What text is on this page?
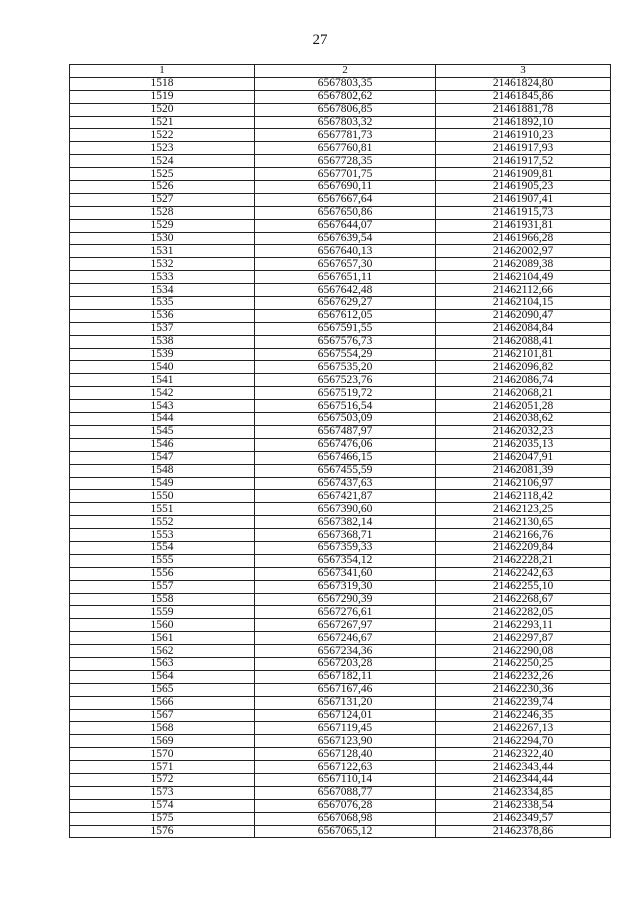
27
1	2	3
1518	6567803,35	21461824,80
1519	6567802,62	21461845,86
1520	6567806,85	21461881,78
1521	6567803,32	21461892,10
1522	6567781,73	21461910,23
1523	6567760,81	21461917,93
1524	6567728,35	21461917,52
1525	6567701,75	21461909,81
1526	6567690,11	21461905,23
1527	6567667,64	21461907,41
1528	6567650,86	21461915,73
1529	6567644,07	21461931,81
1530	6567639,54	21461966,28
1531	6567640,13	21462002,97
1532	6567657,30	21462089,38
1533	6567651,11	21462104,49
1534	6567642,48	21462112,66
1535	6567629,27	21462104,15
1536	6567612,05	21462090,47
1537	6567591,55	21462084,84
1538	6567576,73	21462088,41
1539	6567554,29	21462101,81
1540	6567535,20	21462096,82
1541	6567523,76	21462086,74
1542	6567519,72	21462068,21
1543	6567516,54	21462051,28
1544	6567503,09	21462038,62
1545	6567487,97	21462032,23
1546	6567476,06	21462035,13
1547	6567466,15	21462047,91
1548	6567455,59	21462081,39
1549	6567437,63	21462106,97
1550	6567421,87	21462118,42
1551	6567390,60	21462123,25
1552	6567382,14	21462130,65
1553	6567368,71	21462166,76
1554	6567359,33	21462209,84
1555	6567354,12	21462228,21
1556	6567341,60	21462242,63
1557	6567319,30	21462255,10
1558	6567290,39	21462268,67
1559	6567276,61	21462282,05
1560	6567267,97	21462293,11
1561	6567246,67	21462297,87
1562	6567234,36	21462290,08
1563	6567203,28	21462250,25
1564	6567182,11	21462232,26
1565	6567167,46	21462230,36
1566	6567131,20	21462239,74
1567	6567124,01	21462246,35
1568	6567119,45	21462267,13
1569	6567123,90	21462294,70
1570	6567128,40	21462322,40
1571	6567122,63	21462343,44
1572	6567110,14	21462344,44
1573	6567088,77	21462334,85
1574	6567076,28	21462338,54
1575	6567068,98	21462349,57
1576	6567065,12	21462378,86
